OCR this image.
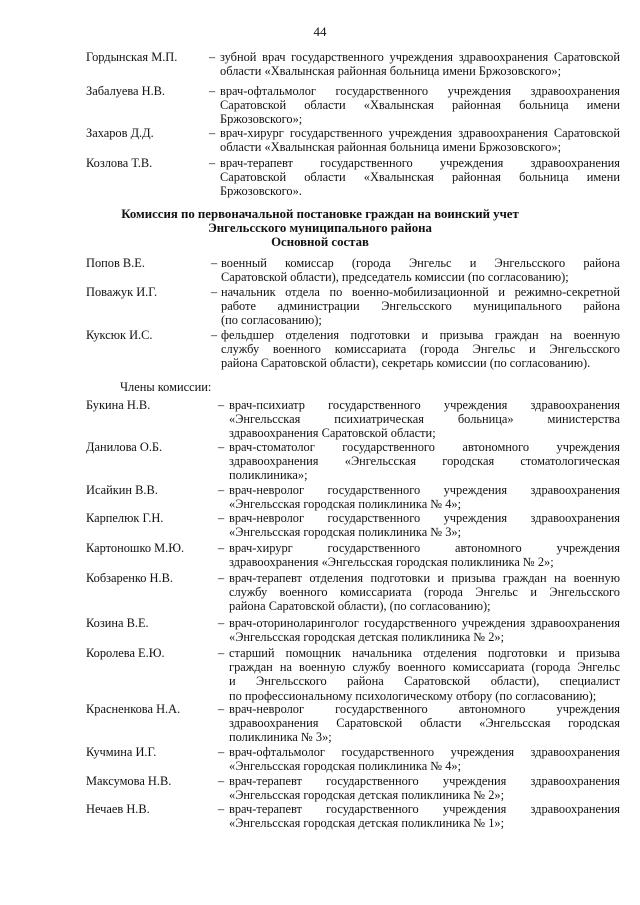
44
Гордынская М.П.	– зубной врач государственного учреждения здравоохранения Саратовской
области «Хвалынская районная больница имени Бржозовского»;
Забалуева Н.В.	– врач-офтальмолог государственного учреждения здравоохранения
Саратовской области «Хвалынская районная больница имени
Бржозовского»;
Захаров Д.Д.	– врач-хирург государственного учреждения здравоохранения Саратовской
области «Хвалынская районная больница имени Бржозовского»;
Козлова Т.В.	– врач-терапевт государственного учреждения здравоохранения
Саратовской области «Хвалынская районная больница имени
Бржозовского».
Комиссия по первоначальной постановке граждан на воинский учет
Энгельсского муниципального района
Основной состав
Попов В.Е.	– военный комиссар (города Энгельс и Энгельсского района
Саратовской области), председатель комиссии (по согласованию);
Поважук И.Г.	– начальник отдела по военно-мобилизационной и режимно-секретной
работе администрации Энгельсского муниципального района
(по согласованию);
Куксюк И.С.	– фельдшер отделения подготовки и призыва граждан на военную
службу военного комиссариата (города Энгельс и Энгельсского
района Саратовской области), секретарь комиссии (по согласованию).
Члены комиссии:
Букина Н.В.	– врач-психиатр государственного учреждения здравоохранения
«Энгельсская психиатрическая больница» министерства
здравоохранения Саратовской области;
Данилова О.Б.	– врач-стоматолог государственного автономного учреждения
здравоохранения «Энгельсская городская стоматологическая
поликлиника»;
Исайкин В.В.	– врач-невролог государственного учреждения здравоохранения
«Энгельсская городская поликлиника № 4»;
Карпелюк Г.Н.	– врач-невролог государственного учреждения здравоохранения
«Энгельсская городская поликлиника № 3»;
Картоношко М.Ю.	– врач-хирург государственного автономного учреждения
здравоохранения «Энгельсская городская поликлиника № 2»;
Кобзаренко Н.В.	– врач-терапевт отделения подготовки и призыва граждан на военную
службу военного комиссариата (города Энгельс и Энгельсского
района Саратовской области), (по согласованию);
Козина В.Е.	– врач-оториноларинголог государственного учреждения здравоохранения
«Энгельсская городская детская поликлиника № 2»;
Королева Е.Ю.	– старший помощник начальника отделения подготовки и призыва
граждан на военную службу военного комиссариата (города Энгельс
и Энгельсского района Саратовской области), специалист
по профессиональному психологическому отбору (по согласованию);
Красненкова Н.А.	– врач-невролог государственного автономного учреждения
здравоохранения Саратовской области «Энгельсская городская
поликлиника № 3»;
Кучмина И.Г.	– врач-офтальмолог государственного учреждения здравоохранения
«Энгельсская городская поликлиника № 4»;
Максумова Н.В.	– врач-терапевт государственного учреждения здравоохранения
«Энгельсская городская детская поликлиника № 2»;
Нечаев Н.В.	– врач-терапевт государственного учреждения здравоохранения
«Энгельсская городская детская поликлиника № 1»;
